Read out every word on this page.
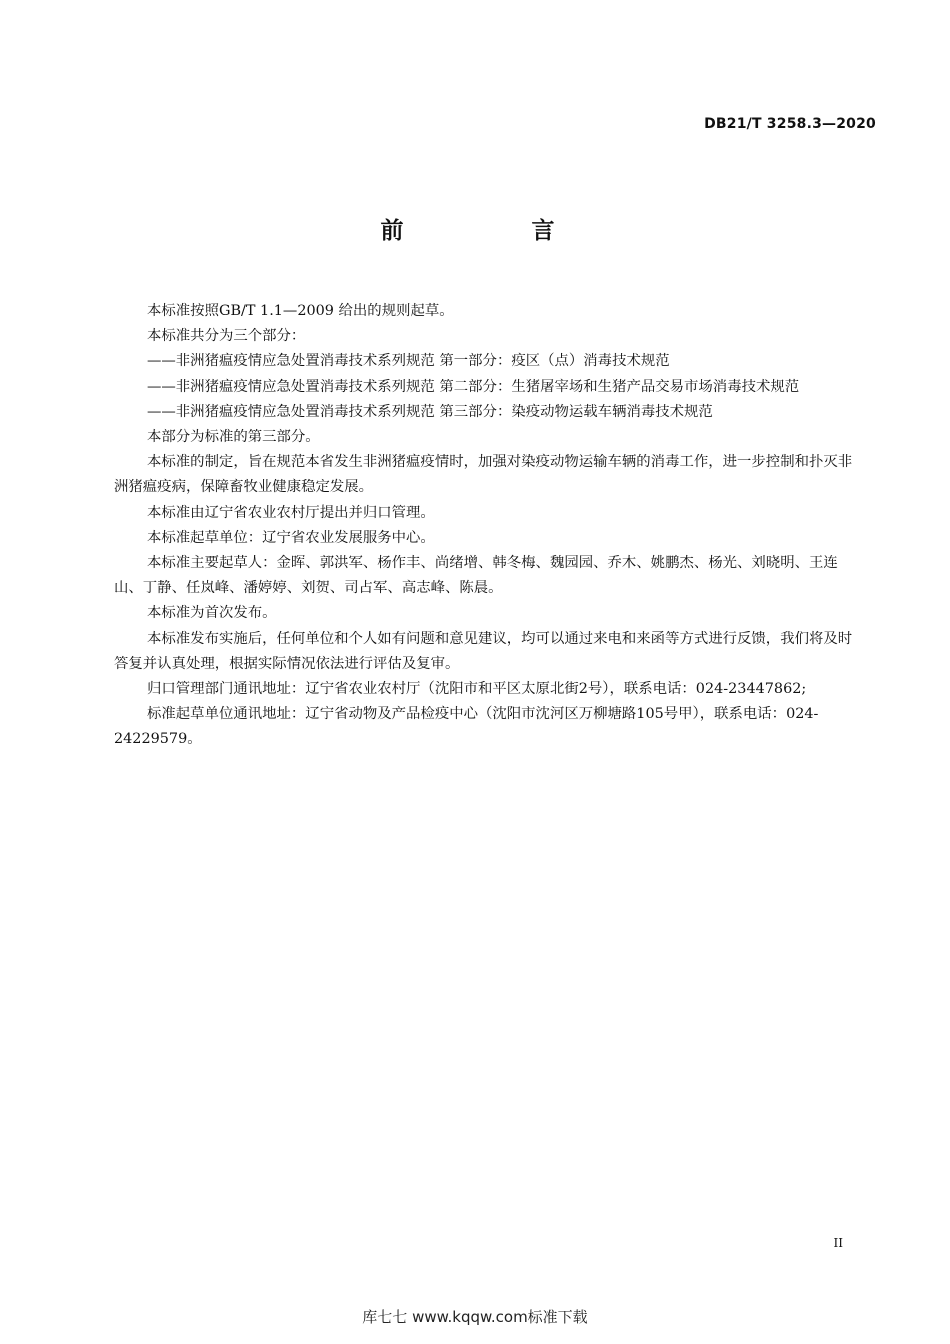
DB21/T 3258.3—2020
前 言

本标准按照GB/T 1.1—2009 给出的规则起草。

本标准共分为三个部分：

——非洲猪瘟疫情应急处置消毒技术系列规范 第一部分：疫区（点）消毒技术规范

——非洲猪瘟疫情应急处置消毒技术系列规范 第二部分：生猪屠宰场和生猪产品交易市场消毒技术规范

——非洲猪瘟疫情应急处置消毒技术系列规范 第三部分：染疫动物运载车辆消毒技术规范

本部分为标准的第三部分。

本标准的制定，旨在规范本省发生非洲猪瘟疫情时，加强对染疫动物运输车辆的消毒工作，进一步控制和扑灭非洲猪瘟疫病，保障畜牧业健康稳定发展。

本标准由辽宁省农业农村厅提出并归口管理。

本标准起草单位：辽宁省农业发展服务中心。

本标准主要起草人：金晖、郭洪军、杨作丰、尚绪增、韩冬梅、魏园园、乔木、姚鹏杰、杨光、刘晓明、王连山、丁静、任岚峰、潘婷婷、刘贺、司占军、高志峰、陈晨。

本标准为首次发布。

本标准发布实施后，任何单位和个人如有问题和意见建议，均可以通过来电和来函等方式进行反馈，我们将及时答复并认真处理，根据实际情况依法进行评估及复审。

归口管理部门通讯地址：辽宁省农业农村厅（沈阳市和平区太原北街2号），联系电话：024-23447862;

标准起草单位通讯地址：辽宁省动物及产品检疫中心（沈阳市沈河区万柳塘路105号甲），联系电话：024-24229579。

II
库七七 www.kqqw.com标准下载
